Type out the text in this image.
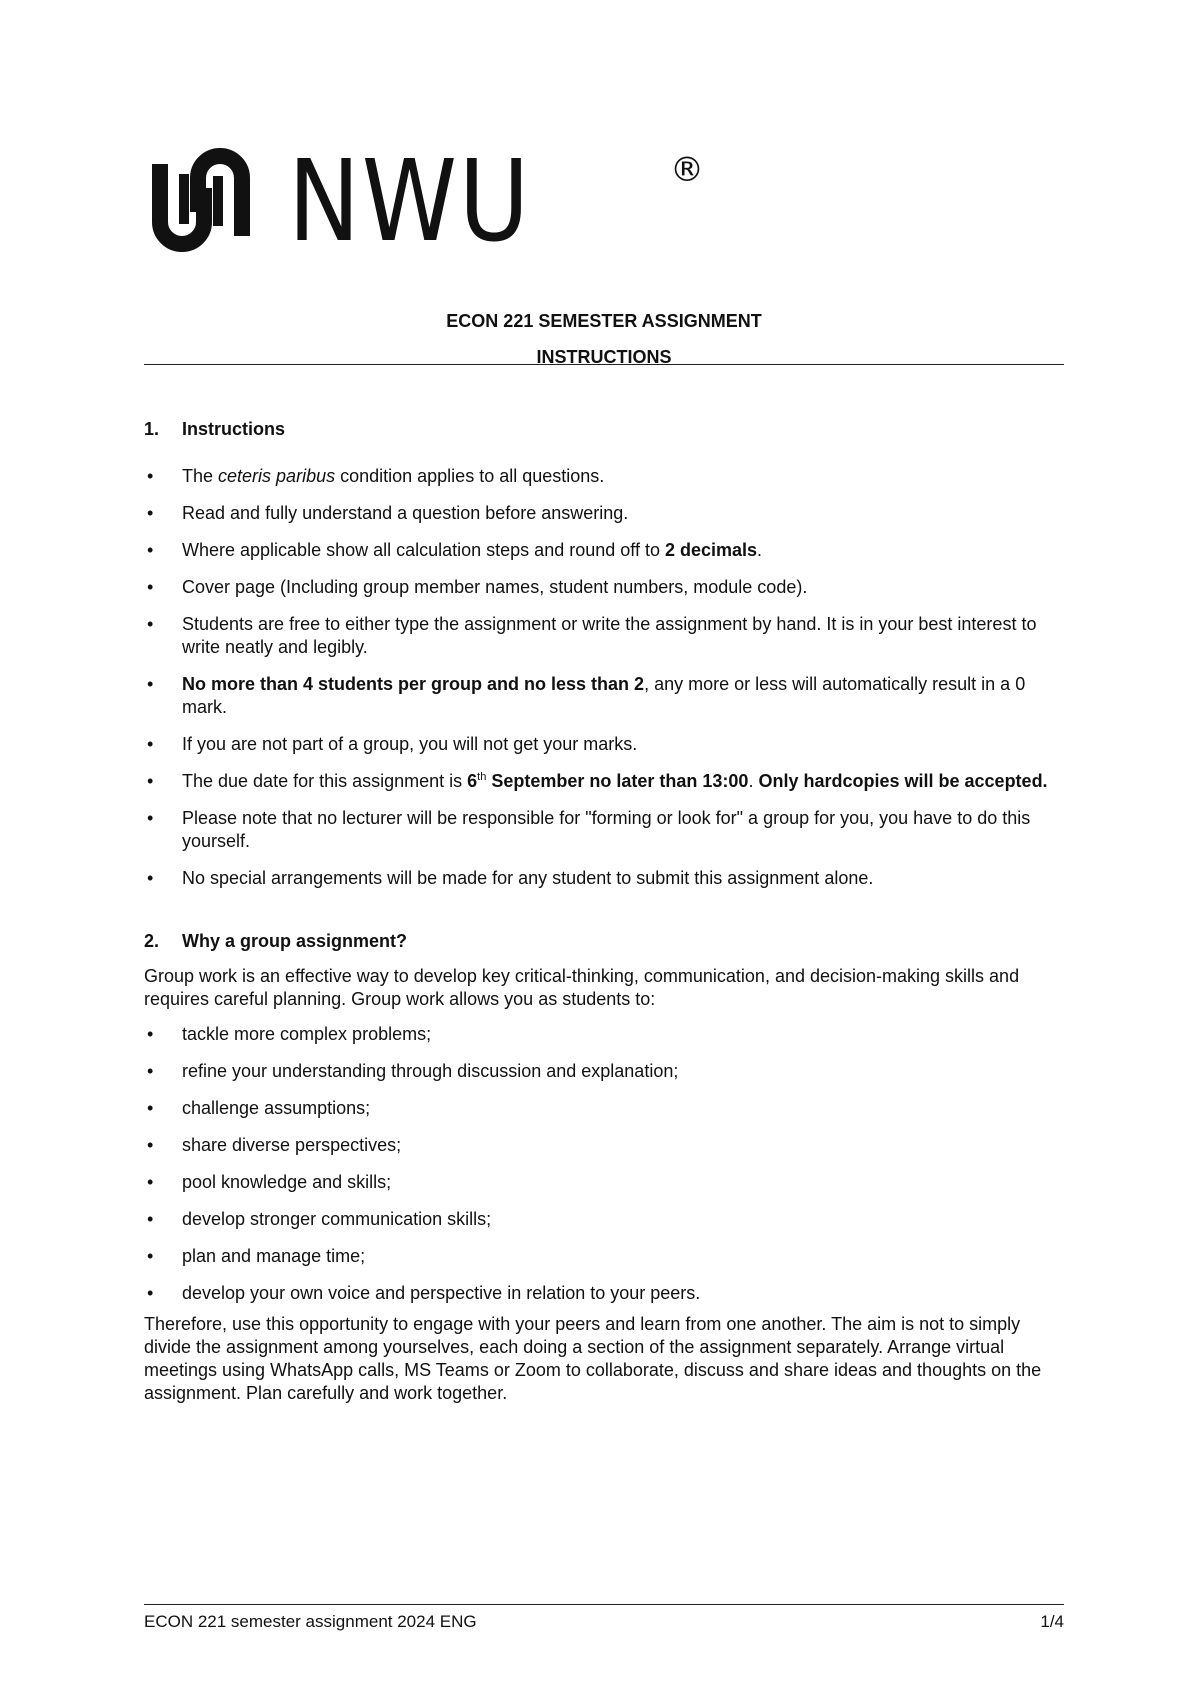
NWU	®
ECON 221 SEMESTER ASSIGNMENT
INSTRUCTIONS
1. Instructions
• The ceteris paribus condition applies to all questions.
• Read and fully understand a question before answering.
• Where applicable show all calculation steps and round off to 2 decimals.
• Cover page (Including group member names, student numbers, module code).
• Students are free to either type the assignment or write the assignment by hand. It is in your best interest to write neatly and legibly.
• No more than 4 students per group and no less than 2, any more or less will automatically result in a 0 mark.
• If you are not part of a group, you will not get your marks.
• The due date for this assignment is 6th September no later than 13:00. Only hardcopies will be accepted.
• Please note that no lecturer will be responsible for "forming or look for" a group for you, you have to do this yourself.
• No special arrangements will be made for any student to submit this assignment alone.
2. Why a group assignment?

Group work is an effective way to develop key critical-thinking, communication, and decision-making skills and requires careful planning. Group work allows you as students to:

• tackle more complex problems;
• refine your understanding through discussion and explanation;
• challenge assumptions;
• share diverse perspectives;
• pool knowledge and skills;
• develop stronger communication skills;
• plan and manage time;
• develop your own voice and perspective in relation to your peers.

Therefore, use this opportunity to engage with your peers and learn from one another. The aim is not to simply divide the assignment among yourselves, each doing a section of the assignment separately. Arrange virtual meetings using WhatsApp calls, MS Teams or Zoom to collaborate, discuss and share ideas and thoughts on the assignment. Plan carefully and work together.

ECON 221 semester assignment 2024 ENG	1/4
